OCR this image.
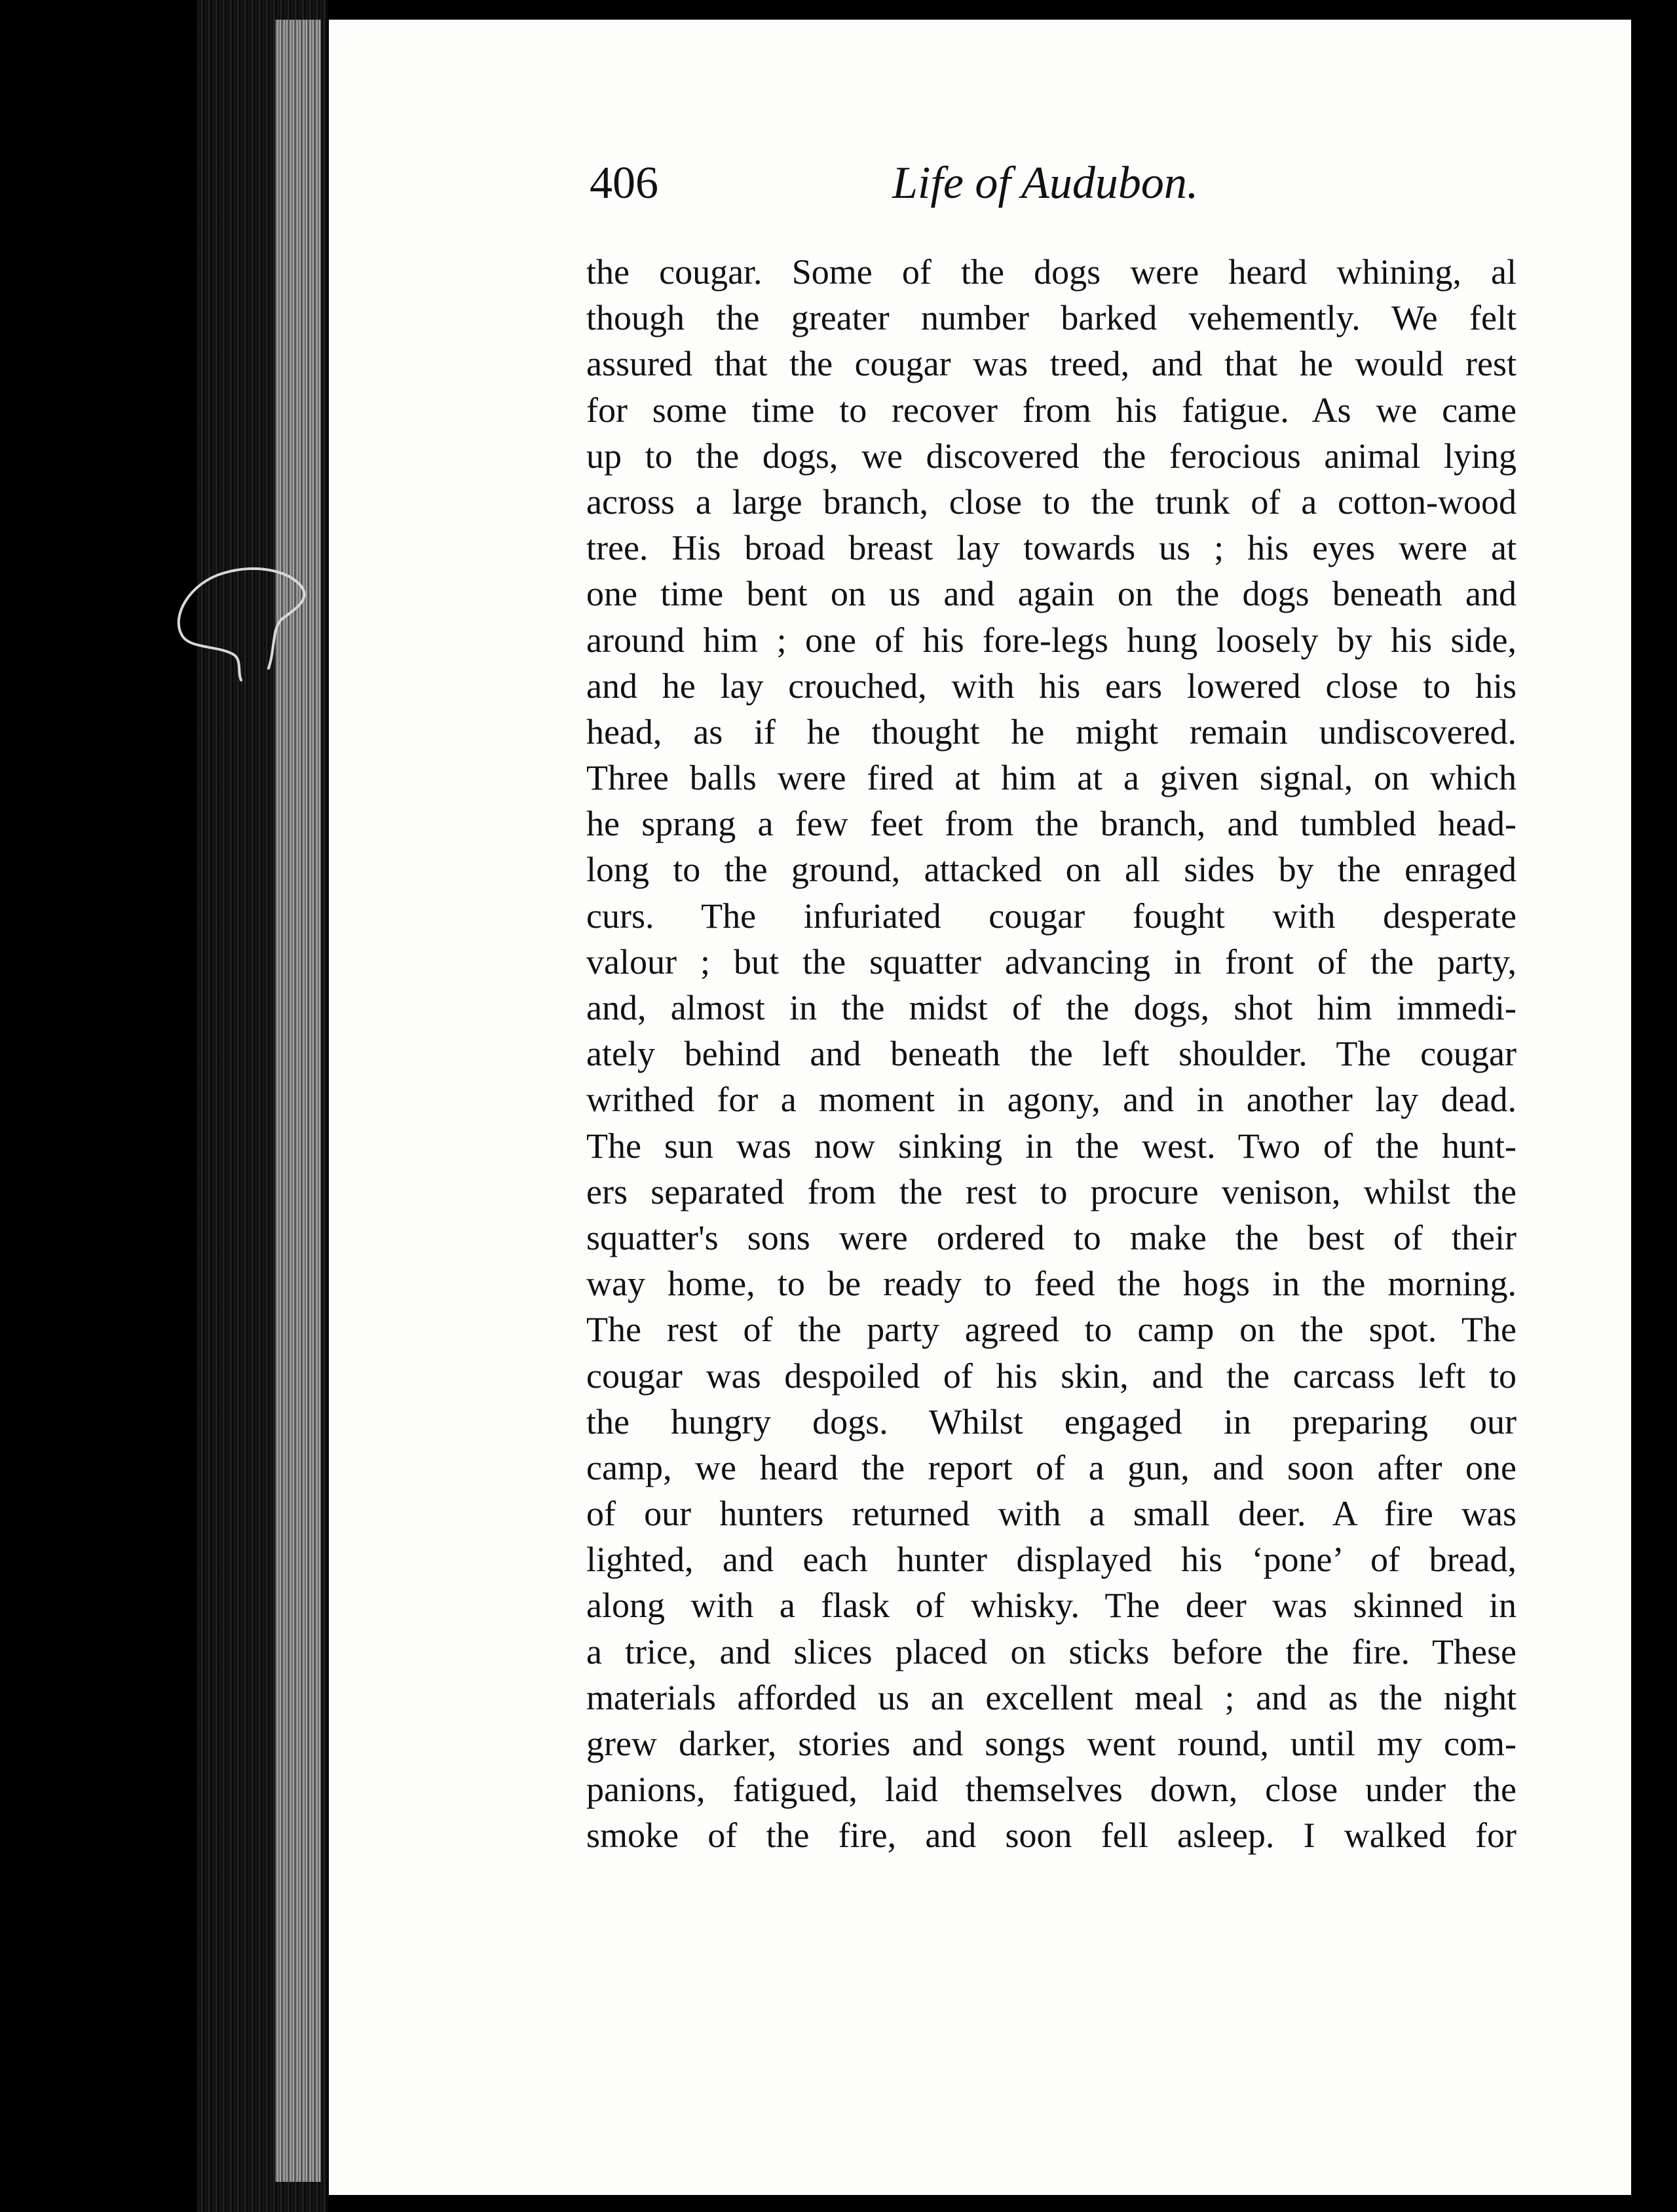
406	Life of Audubon.
the cougar. Some of the dogs were heard whining, al
though the greater number barked vehemently. We felt
assured that the cougar was treed, and that he would rest
for some time to recover from his fatigue. As we came
up to the dogs, we discovered the ferocious animal lying
across a large branch, close to the trunk of a cotton-wood
tree. His broad breast lay towards us ; his eyes were at
one time bent on us and again on the dogs beneath and
around him ; one of his fore-legs hung loosely by his side,
and he lay crouched, with his ears lowered close to his
head, as if he thought he might remain undiscovered.
Three balls were fired at him at a given signal, on which
he sprang a few feet from the branch, and tumbled head-
long to the ground, attacked on all sides by the enraged
curs. The infuriated cougar fought with desperate
valour ; but the squatter advancing in front of the party,
and, almost in the midst of the dogs, shot him immedi-
ately behind and beneath the left shoulder. The cougar
writhed for a moment in agony, and in another lay dead.
The sun was now sinking in the west. Two of the hunt-
ers separated from the rest to procure venison, whilst the
squatter's sons were ordered to make the best of their
way home, to be ready to feed the hogs in the morning.
The rest of the party agreed to camp on the spot. The
cougar was despoiled of his skin, and the carcass left to
the hungry dogs. Whilst engaged in preparing our
camp, we heard the report of a gun, and soon after one
of our hunters returned with a small deer. A fire was
lighted, and each hunter displayed his ‘pone’ of bread,
along with a flask of whisky. The deer was skinned in
a trice, and slices placed on sticks before the fire. These
materials afforded us an excellent meal ; and as the night
grew darker, stories and songs went round, until my com-
panions, fatigued, laid themselves down, close under the
smoke of the fire, and soon fell asleep. I walked for
